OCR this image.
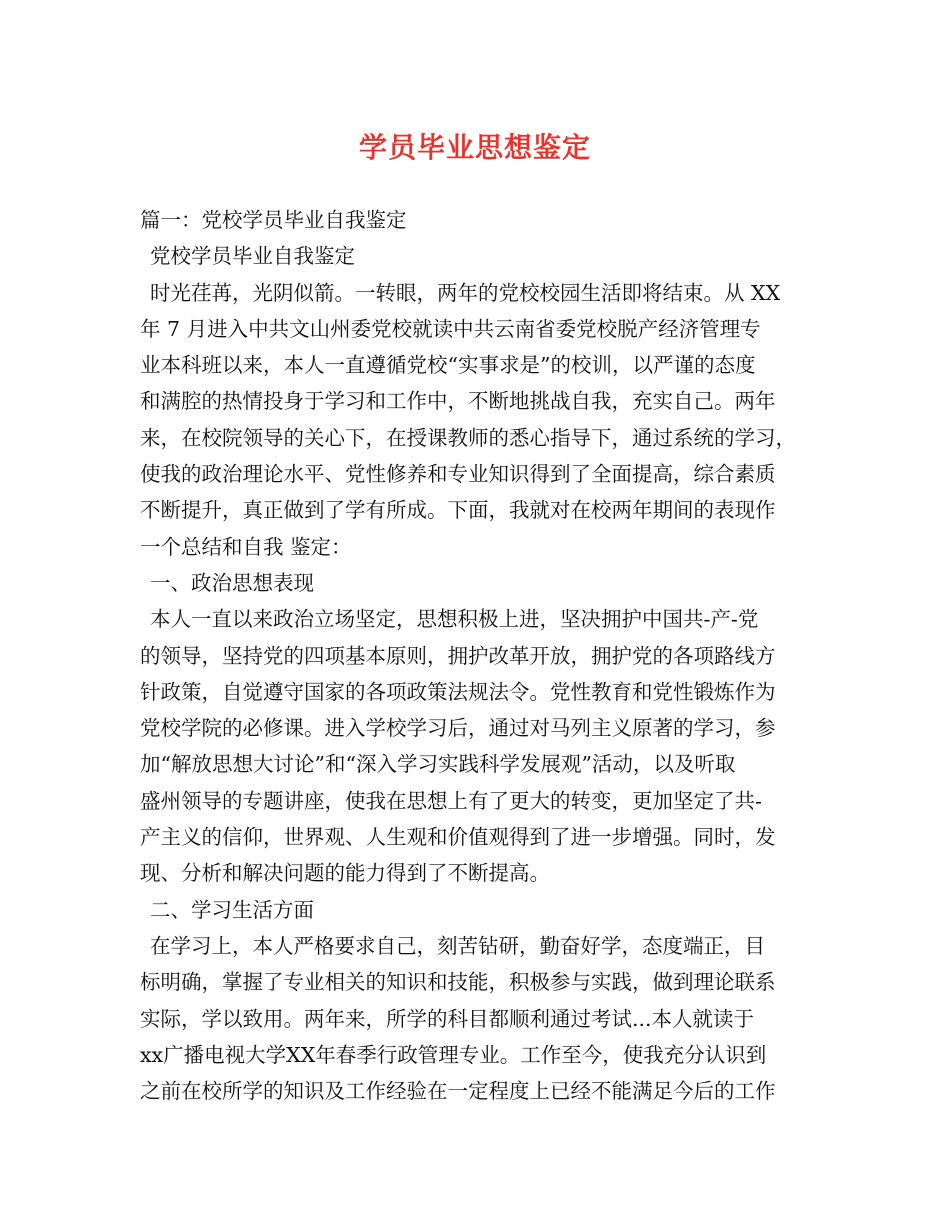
学员毕业思想鉴定
篇一：党校学员毕业自我鉴定
党校学员毕业自我鉴定
时光荏苒，光阴似箭。一转眼，两年的党校校园生活即将结束。从 XX
年 7 月进入中共文山州委党校就读中共云南省委党校脱产经济管理专
业本科班以来，本人一直遵循党校“实事求是”的校训，以严谨的态度
和满腔的热情投身于学习和工作中，不断地挑战自我，充实自己。两年
来，在校院领导的关心下，在授课教师的悉心指导下，通过系统的学习，
使我的政治理论水平、党性修养和专业知识得到了全面提高，综合素质
不断提升，真正做到了学有所成。下面，我就对在校两年期间的表现作
一个总结和自我 鉴定：
一、政治思想表现
本人一直以来政治立场坚定，思想积极上进，坚决拥护中国共-产-党
的领导，坚持党的四项基本原则，拥护改革开放，拥护党的各项路线方
针政策，自觉遵守国家的各项政策法规法令。党性教育和党性锻炼作为
党校学院的必修课。进入学校学习后，通过对马列主义原著的学习，参
加“解放思想大讨论”和“深入学习实践科学发展观”活动，以及听取
盛州领导的专题讲座，使我在思想上有了更大的转变，更加坚定了共-
产主义的信仰，世界观、人生观和价值观得到了进一步增强。同时，发
现、分析和解决问题的能力得到了不断提高。
二、学习生活方面
在学习上，本人严格要求自己，刻苦钻研，勤奋好学，态度端正，目
标明确，掌握了专业相关的知识和技能，积极参与实践，做到理论联系
实际，学以致用。两年来，所学的科目都顺利通过考试...本人就读于
xx广播电视大学XX年春季行政管理专业。工作至今，使我充分认识到
之前在校所学的知识及工作经验在一定程度上已经不能满足今后的工作
